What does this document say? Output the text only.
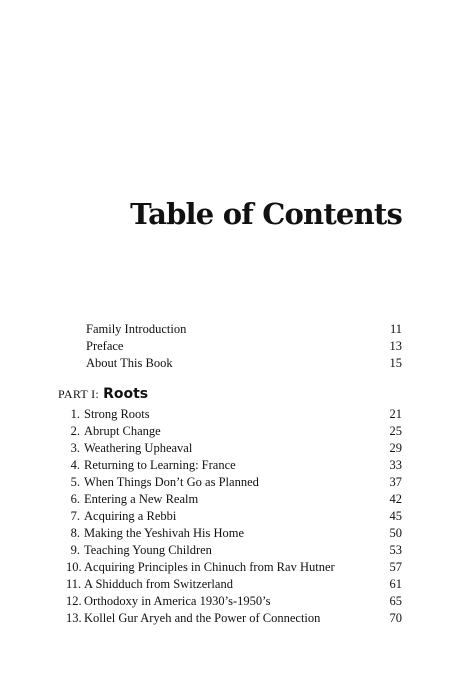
Table of Contents
Family Introduction	11
Preface	13
About This Book	15
PART I: Roots
1. Strong Roots	21
2. Abrupt Change	25
3. Weathering Upheaval	29
4. Returning to Learning: France	33
5. When Things Don’t Go as Planned	37
6. Entering a New Realm	42
7. Acquiring a Rebbi	45
8. Making the Yeshivah His Home	50
9. Teaching Young Children	53
10. Acquiring Principles in Chinuch from Rav Hutner	57
11. A Shidduch from Switzerland	61
12. Orthodoxy in America 1930’s-1950’s	65
13. Kollel Gur Aryeh and the Power of Connection	70
